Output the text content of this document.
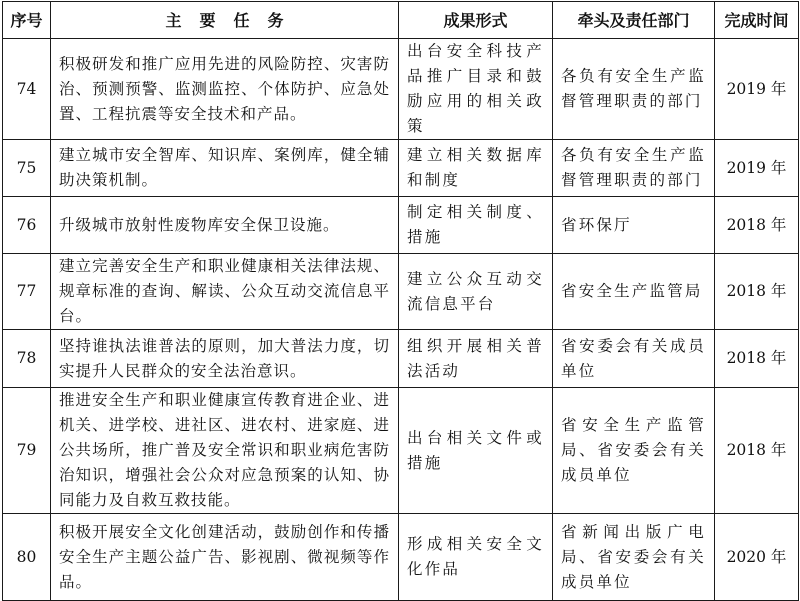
序号	主要任务	成果形式	牵头及责任部门	完成时间
74	积极研发和推广应用先进的风险防控、灾害防治、预测预警、监测监控、个体防护、应急处置、工程抗震等安全技术和产品。	出台安全科技产品推广目录和鼓励应用的相关政策	各负有安全生产监督管理职责的部门	2019 年
75	建立城市安全智库、知识库、案例库，健全辅助决策机制。	建立相关数据库和制度	各负有安全生产监督管理职责的部门	2019 年
76	升级城市放射性废物库安全保卫设施。	制定相关制度、措施	省环保厅	2018 年
77	建立完善安全生产和职业健康相关法律法规、规章标准的查询、解读、公众互动交流信息平台。	建立公众互动交流信息平台	省安全生产监管局	2018 年
78	坚持谁执法谁普法的原则，加大普法力度，切实提升人民群众的安全法治意识。	组织开展相关普法活动	省安委会有关成员单位	2018 年
79	推进安全生产和职业健康宣传教育进企业、进机关、进学校、进社区、进农村、进家庭、进公共场所，推广普及安全常识和职业病危害防治知识，增强社会公众对应急预案的认知、协同能力及自救互救技能。	出台相关文件或措施	省安全生产监管局、省安委会有关成员单位	2018 年
80	积极开展安全文化创建活动，鼓励创作和传播安全生产主题公益广告、影视剧、微视频等作品。	形成相关安全文化作品	省新闻出版广电局、省安委会有关成员单位	2020 年
